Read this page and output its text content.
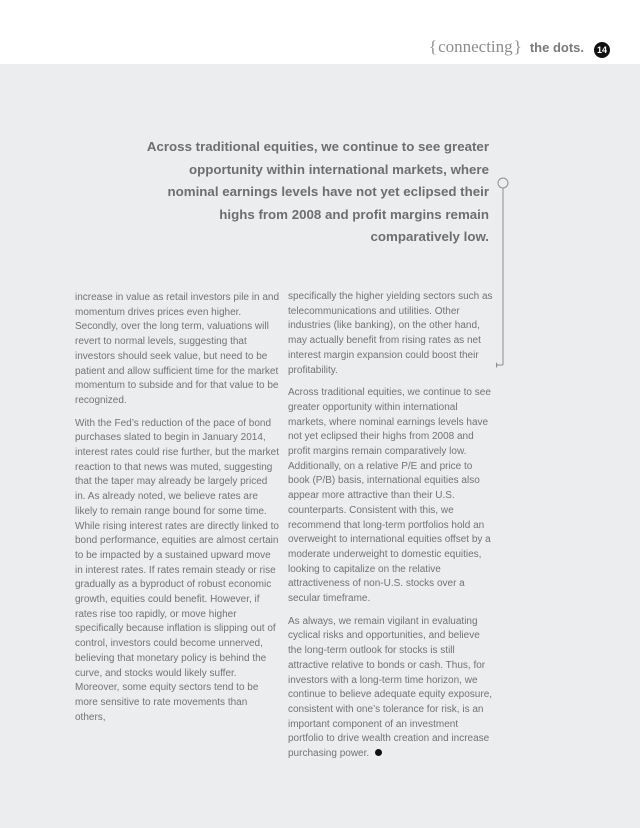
{ connecting } the dots.	14
Across traditional equities, we continue to see greater opportunity within international markets, where nominal earnings levels have not yet eclipsed their highs from 2008 and profit margins remain comparatively low.

increase in value as retail investors pile in and momentum drives prices even higher. Secondly, over the long term, valuations will revert to normal levels, suggesting that investors should seek value, but need to be patient and allow sufficient time for the market momentum to subside and for that value to be recognized.

With the Fed’s reduction of the pace of bond purchases slated to begin in January 2014, interest rates could rise further, but the market reaction to that news was muted, suggesting that the taper may already be largely priced in. As already noted, we believe rates are likely to remain range bound for some time. While rising interest rates are directly linked to bond performance, equities are almost certain to be impacted by a sustained upward move in interest rates. If rates remain steady or rise gradually as a byproduct of robust economic growth, equities could benefit. However, if rates rise too rapidly, or move higher specifically because inflation is slipping out of control, investors could become unnerved, believing that monetary policy is behind the curve, and stocks would likely suffer. Moreover, some equity sectors tend to be more sensitive to rate movements than others,

specifically the higher yielding sectors such as telecommunications and utilities. Other industries (like banking), on the other hand, may actually benefit from rising rates as net interest margin expansion could boost their profitability.

Across traditional equities, we continue to see greater opportunity within international markets, where nominal earnings levels have not yet eclipsed their highs from 2008 and profit margins remain comparatively low. Additionally, on a relative P/E and price to book (P/B) basis, international equities also appear more attractive than their U.S. counterparts. Consistent with this, we recommend that long-term portfolios hold an overweight to international equities offset by a moderate underweight to domestic equities, looking to capitalize on the relative attractiveness of non-U.S. stocks over a secular timeframe.

As always, we remain vigilant in evaluating cyclical risks and opportunities, and believe the long-term outlook for stocks is still attractive relative to bonds or cash. Thus, for investors with a long-term time horizon, we continue to believe adequate equity exposure, consistent with one’s tolerance for risk, is an important component of an investment portfolio to drive wealth creation and increase purchasing power.
